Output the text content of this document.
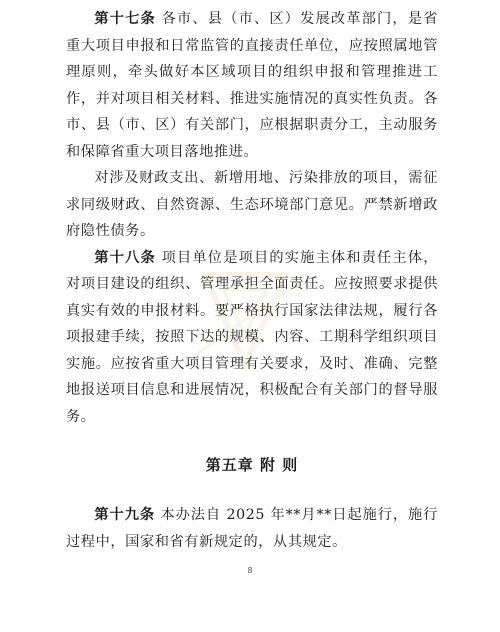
第十七条 各市、县（市、区）发展改革部门，是省重大项目申报和日常监管的直接责任单位，应按照属地管理原则，牵头做好本区域项目的组织申报和管理推进工作，并对项目相关材料、推进实施情况的真实性负责。各市、县（市、区）有关部门，应根据职责分工，主动服务和保障省重大项目落地推进。

对涉及财政支出、新增用地、污染排放的项目，需征求同级财政、自然资源、生态环境部门意见。严禁新增政府隐性债务。

第十八条 项目单位是项目的实施主体和责任主体，对项目建设的组织、管理承担全面责任。应按照要求提供真实有效的申报材料。要严格执行国家法律法规，履行各项报建手续，按照下达的规模、内容、工期科学组织项目实施。应按省重大项目管理有关要求，及时、准确、完整地报送项目信息和进展情况，积极配合有关部门的督导服务。

第五章 附 则

第十九条 本办法自 2025 年**月**日起施行，施行过程中，国家和省有新规定的，从其规定。

8
